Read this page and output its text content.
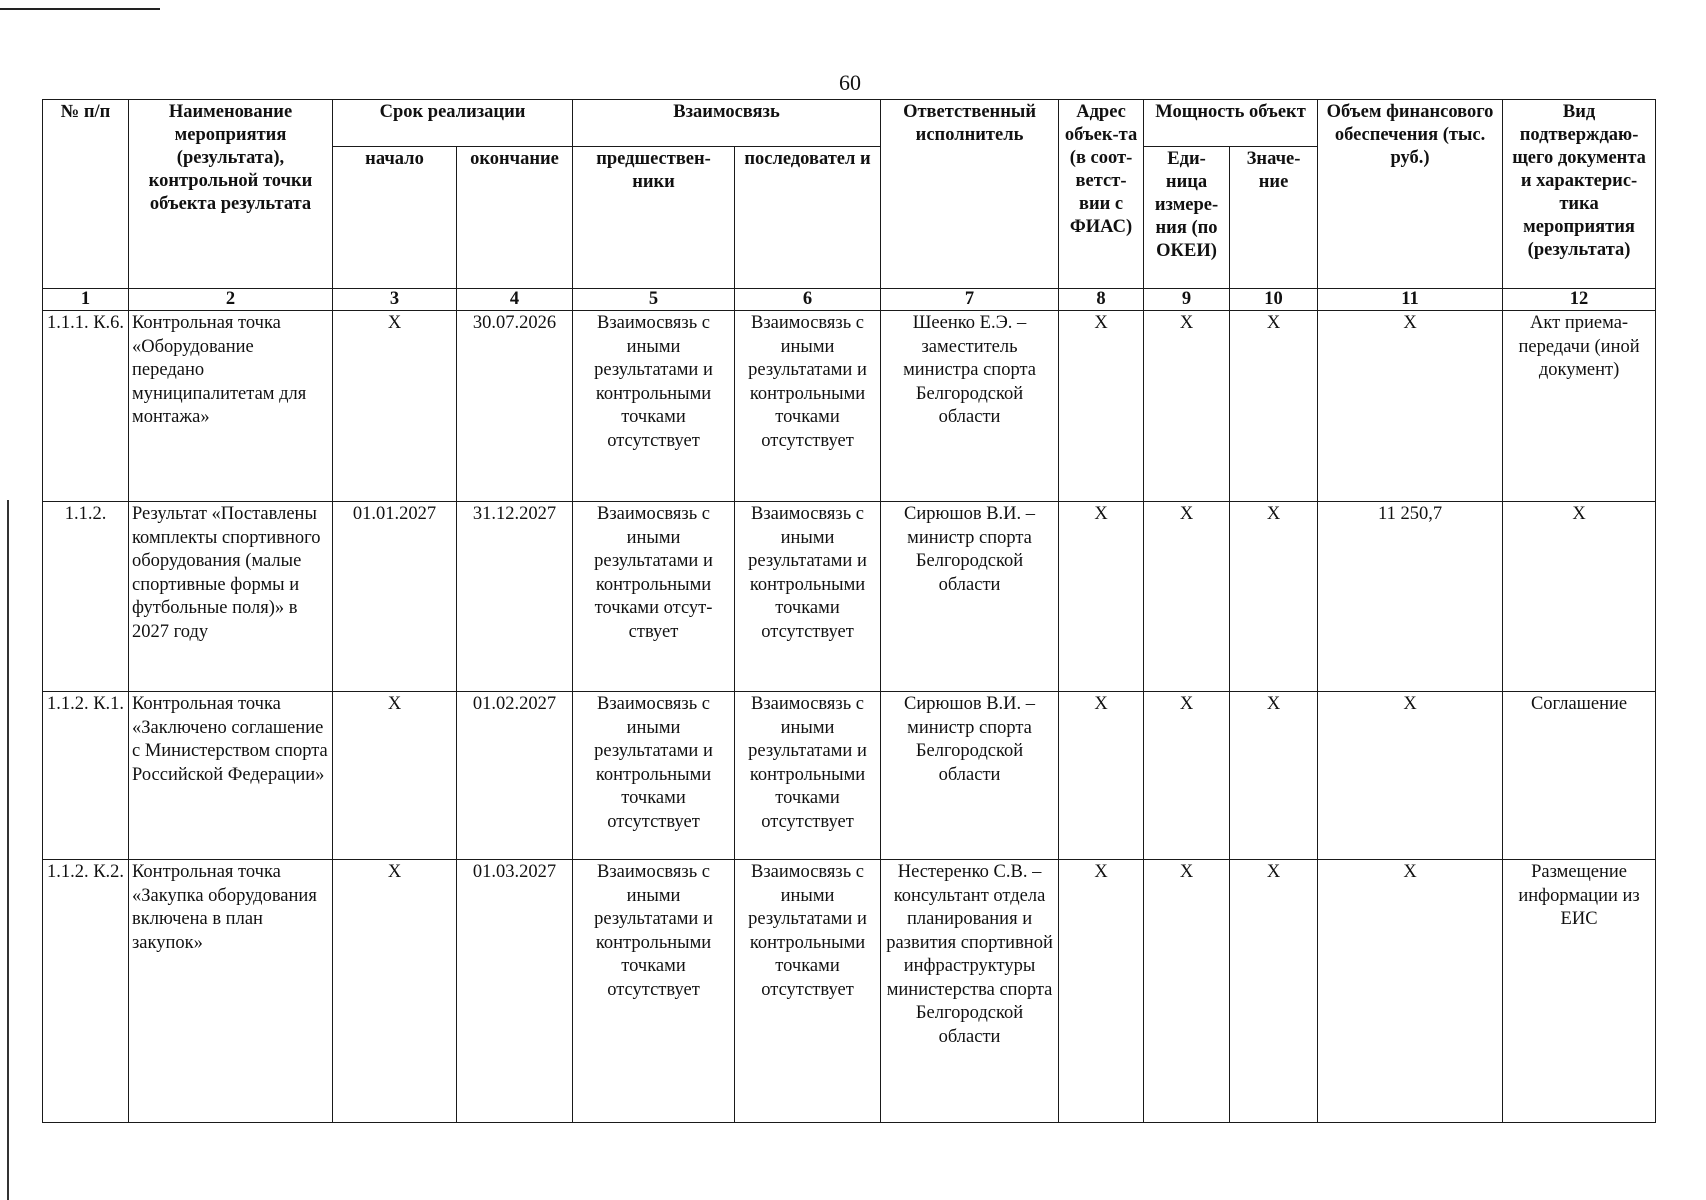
60
№ п/п	Наименование мероприятия (результата), контрольной точки объекта результата	Срок реализации		Взаимосвязь		Ответственный исполнитель	Адрес объек-та (в соот-ветст-вии с ФИАС)	Мощность объект		Объем финансового обеспечения (тыс. руб.)	Вид подтверждаю-щего документа и характерис-тика мероприятия (результата)
		начало	окончание	предшествен-ники	последовател и			Еди-ница измере-ния (по ОКЕИ)	Значе-ние		
1	2	3	4	5	6	7	8	9	10	11	12
1.1.1. К.6.	Контрольная точка «Оборудование передано муниципалитетам для монтажа»	X	30.07.2026	Взаимосвязь с иными результатами и контрольными точками отсутствует	Взаимосвязь с иными результатами и контрольными точками отсутствует	Шеенко Е.Э. – заместитель министра спорта Белгородской области	X	X	X	X	Акт приема-передачи (иной документ)
1.1.2.	Результат «Поставлены комплекты спортивного оборудования (малые спортивные формы и футбольные поля)» в 2027 году	01.01.2027	31.12.2027	Взаимосвязь с иными результатами и контрольными точками отсут-ствует	Взаимосвязь с иными результатами и контрольными точками отсутствует	Сирюшов В.И. – министр спорта Белгородской области	X	X	X	11 250,7	X
1.1.2. К.1.	Контрольная точка «Заключено соглашение с Министерством спорта Российской Федерации»	X	01.02.2027	Взаимосвязь с иными результатами и контрольными точками отсутствует	Взаимосвязь с иными результатами и контрольными точками отсутствует	Сирюшов В.И. – министр спорта Белгородской области	X	X	X	X	Соглашение
1.1.2. К.2.	Контрольная точка «Закупка оборудования включена в план закупок»	X	01.03.2027	Взаимосвязь с иными результатами и контрольными точками отсутствует	Взаимосвязь с иными результатами и контрольными точками отсутствует	Нестеренко С.В. – консультант отдела планирования и развития спортивной инфраструктуры министерства спорта Белгородской области	X	X	X	X	Размещение информации из ЕИС
